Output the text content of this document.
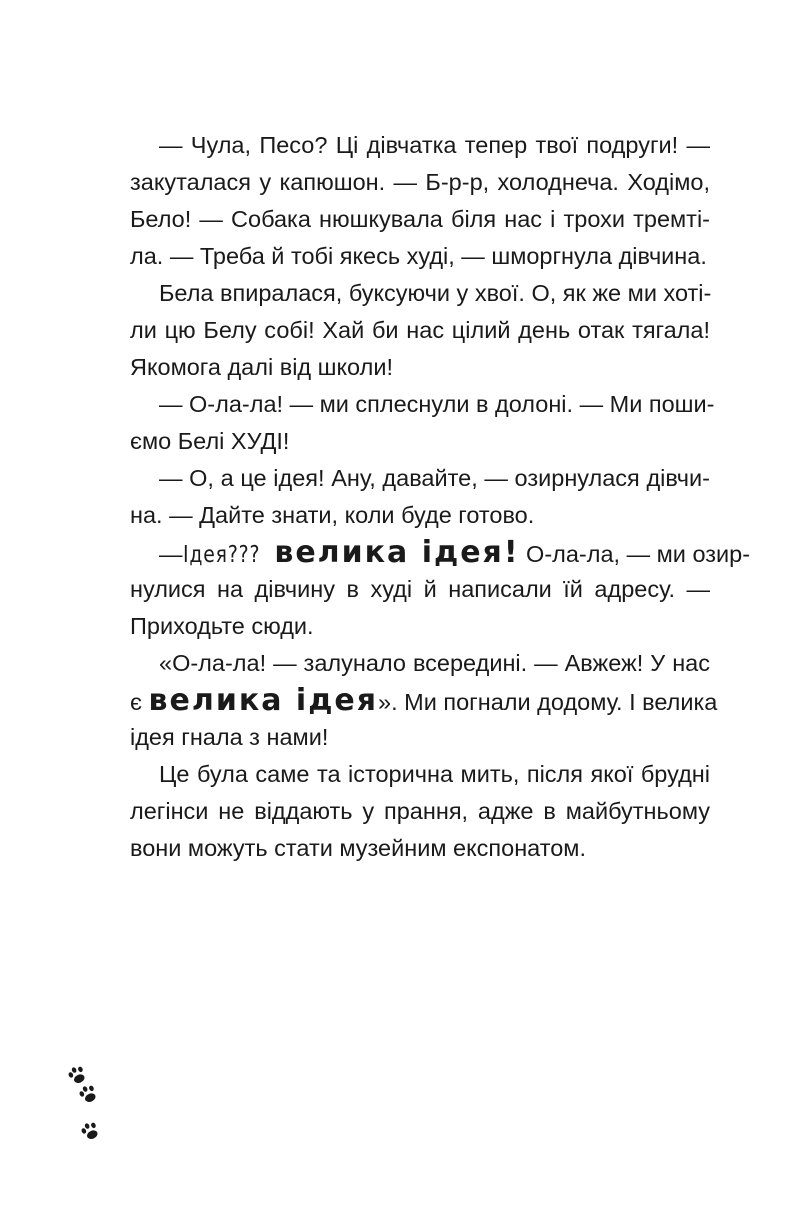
— Чула, Песо? Ці дівчатка тепер твої подруги! —
закуталася у капюшон. — Б-р-р, холоднеча. Ходімо,
Бело! — Собака нюшкувала біля нас і трохи тремті-
ла. — Треба й тобі якесь худі, — шморгнула дівчина.
Бела впиралася, буксуючи у хвої. О, як же ми хоті-
ли цю Белу собі! Хай би нас цілий день отак тягала!
Якомога далі від школи!
— О-ла-ла! — ми сплеснули в долоні. — Ми поши-
ємо Белі ХУДІ!
— О, а це ідея! Ану, давайте, — озирнулася дівчи-
на. — Дайте знати, коли буде готово.
—Ідея??? велика ідея! О-ла-ла, — ми озир-
нулися на дівчину в худі й написали їй адресу. —
Приходьте сюди.
«О-ла-ла! — залунало всередині. — Авжеж! У нас
є велика ідея». Ми погнали додому. І велика
ідея гнала з нами!
Це була саме та історична мить, після якої брудні
легінси не віддають у прання, адже в майбутньому
вони можуть стати музейним експонатом.
